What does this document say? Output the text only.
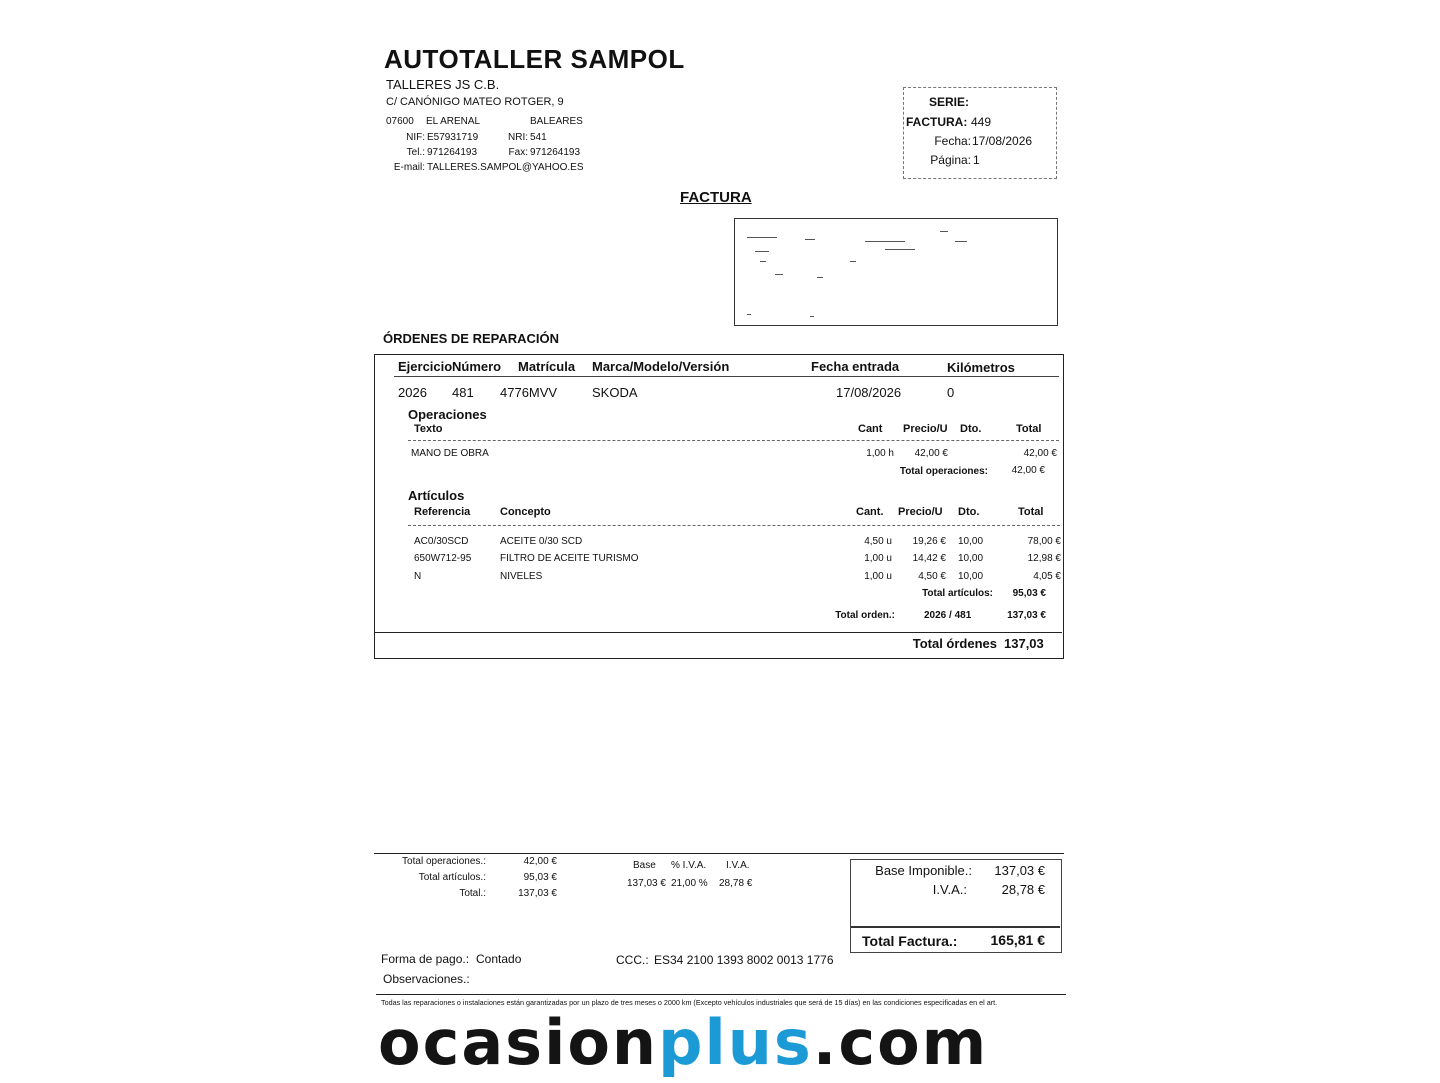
AUTOTALLER SAMPOL
TALLERES JS C.B.
C/ CANÓNIGO MATEO ROTGER, 9
07600 EL ARENAL	BALEARES
NIF: E57931719	NRI: 541
Tel.: 971264193	Fax: 971264193
E-mail: TALLERES.SAMPOL@YAHOO.ES
SERIE:
FACTURA: 449
Fecha: 17/08/2026
Página: 1
FACTURA
ÓRDENES DE REPARACIÓN
Ejercicio Número Matrícula Marca/Modelo/Versión	Fecha entrada	Kilómetros
2026 481 4776MVV	SKODA	17/08/2026	0
Operaciones
Texto	Cant Precio/U Dto.	Total
MANO DE OBRA	1,00 h	42,00 €	42,00 €
Total operaciones:	42,00 €
Artículos
Referencia	Concepto	Cant. Precio/U Dto.	Total
AC0/30SCD	ACEITE 0/30 SCD	4,50 u	19,26 € 10,00	78,00 €
650W712-95	FILTRO DE ACEITE TURISMO	1,00 u	14,42 € 10,00	12,98 €
N	NIVELES	1,00 u	4,50 € 10,00	4,05 €
Total artículos:	95,03 €
Total orden.:	2026 / 481	137,03 €
Total órdenes 137,03
Total operaciones.:	42,00 €
Total artículos.:	95,03 €
Total.:	137,03 €
Base % I.V.A. I.V.A.
137,03 € 21,00 % 28,78 €
Base Imponible.:	137,03 €
I.V.A.:	28,78 €
Total Factura.:	165,81 €
Forma de pago.: Contado	CCC.: ES34 2100 1393 8002 0013 1776
Observaciones.:
Todas las reparaciones o instalaciones están garantizadas por un plazo de tres meses o 2000 km (Excepto vehículos industriales que será de 15 días) en las condiciones especificadas en el art.
ocasionplus.com
